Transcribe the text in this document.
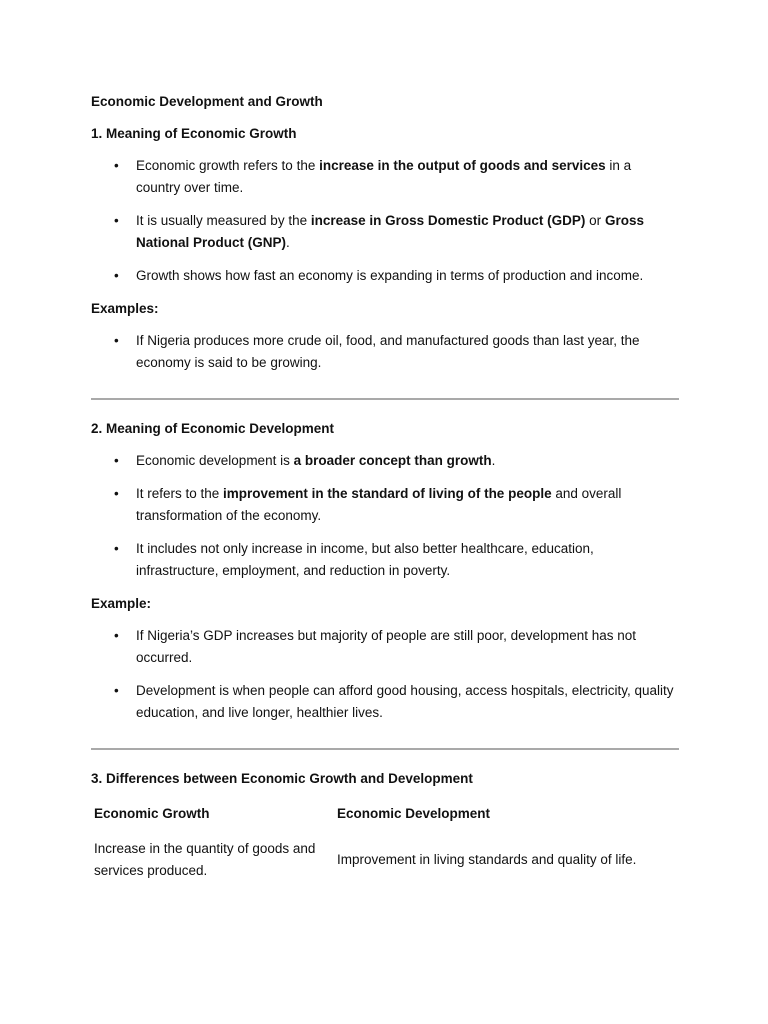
Economic Development and Growth

1. Meaning of Economic Growth

• Economic growth refers to the increase in the output of goods and services in a country over time.
• It is usually measured by the increase in Gross Domestic Product (GDP) or Gross National Product (GNP).
• Growth shows how fast an economy is expanding in terms of production and income.

Examples:

• If Nigeria produces more crude oil, food, and manufactured goods than last year, the economy is said to be growing.

2. Meaning of Economic Development

• Economic development is a broader concept than growth.
• It refers to the improvement in the standard of living of the people and overall transformation of the economy.
• It includes not only increase in income, but also better healthcare, education, infrastructure, employment, and reduction in poverty.

Example:

• If Nigeria’s GDP increases but majority of people are still poor, development has not occurred.
• Development is when people can afford good housing, access hospitals, electricity, quality education, and live longer, healthier lives.

3. Differences between Economic Growth and Development

Economic Growth	Economic Development
Increase in the quantity of goods and services produced.	Improvement in living standards and quality of life.
